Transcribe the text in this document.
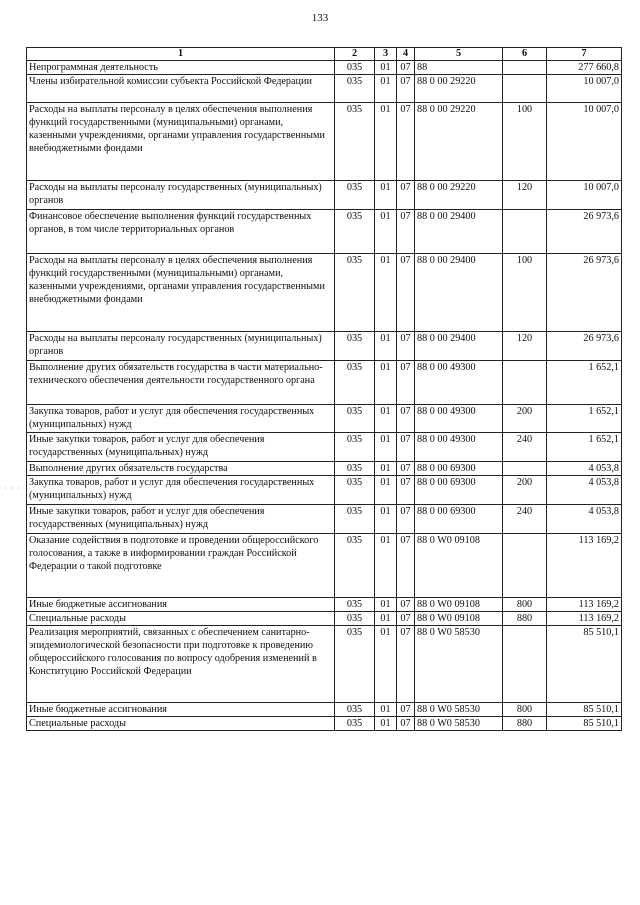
133
1	2	3	4	5	6	7
Непрограммная деятельность	035	01	07	88		277 660,8
Члены избирательной комиссии субъекта Российской Федерации	035	01	07	88 0 00 29220		10 007,0
Расходы на выплаты персоналу в целях обеспечения выполнения функций государственными (муниципальными) органами, казенными учреждениями, органами управления государственными внебюджетными фондами	035	01	07	88 0 00 29220	100	10 007,0
Расходы на выплаты персоналу государственных (муниципальных) органов	035	01	07	88 0 00 29220	120	10 007,0
Финансовое обеспечение выполнения функций государственных органов, в том числе территориальных органов	035	01	07	88 0 00 29400		26 973,6
Расходы на выплаты персоналу в целях обеспечения выполнения функций государственными (муниципальными) органами, казенными учреждениями, органами управления государственными внебюджетными фондами	035	01	07	88 0 00 29400	100	26 973,6
Расходы на выплаты персоналу государственных (муниципальных) органов	035	01	07	88 0 00 29400	120	26 973,6
Выполнение других обязательств государства в части материально-технического обеспечения деятельности государственного органа	035	01	07	88 0 00 49300		1 652,1
Закупка товаров, работ и услуг для обеспечения государственных (муниципальных) нужд	035	01	07	88 0 00 49300	200	1 652,1
Иные закупки товаров, работ и услуг для обеспечения государственных (муниципальных) нужд	035	01	07	88 0 00 49300	240	1 652,1
Выполнение других обязательств государства	035	01	07	88 0 00 69300		4 053,8
Закупка товаров, работ и услуг для обеспечения государственных (муниципальных) нужд	035	01	07	88 0 00 69300	200	4 053,8
Иные закупки товаров, работ и услуг для обеспечения государственных (муниципальных) нужд	035	01	07	88 0 00 69300	240	4 053,8
Оказание содействия в подготовке и проведении общероссийского голосования, а также в информировании граждан Российской Федерации о такой подготовке	035	01	07	88 0 W0 09108		113 169,2
Иные бюджетные ассигнования	035	01	07	88 0 W0 09108	800	113 169,2
Специальные расходы	035	01	07	88 0 W0 09108	880	113 169,2
Реализация мероприятий, связанных с обеспечением санитарно-эпидемиологической безопасности при подготовке к проведению общероссийского голосования по вопросу одобрения изменений в Конституцию Российской Федерации	035	01	07	88 0 W0 58530		85 510,1
Иные бюджетные ассигнования	035	01	07	88 0 W0 58530	800	85 510,1
Специальные расходы	035	01	07	88 0 W0 58530	880	85 510,1
· · ·
